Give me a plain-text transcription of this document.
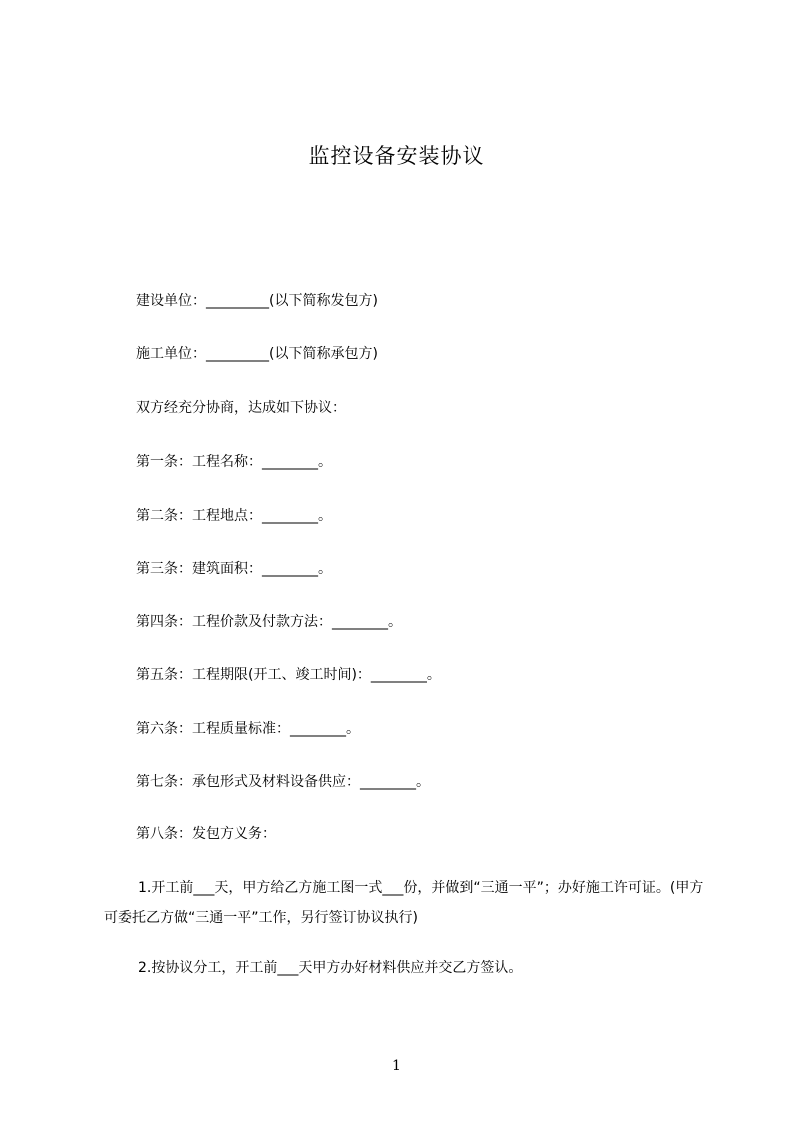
监控设备安装协议
建设单位：_________(以下简称发包方)
施工单位：_________(以下简称承包方)
双方经充分协商，达成如下协议：
第一条：工程名称：________。
第二条：工程地点：________。
第三条：建筑面积：________。
第四条：工程价款及付款方法：________。
第五条：工程期限(开工、竣工时间)：________。
第六条：工程质量标准：________。
第七条：承包形式及材料设备供应：________。
第八条：发包方义务：
1.开工前___天，甲方给乙方施工图一式___份，并做到“三通一平”；办好施工许可证。(甲方可委托乙方做“三通一平”工作，另行签订协议执行)
2.按协议分工，开工前___天甲方办好材料供应并交乙方签认。
1
